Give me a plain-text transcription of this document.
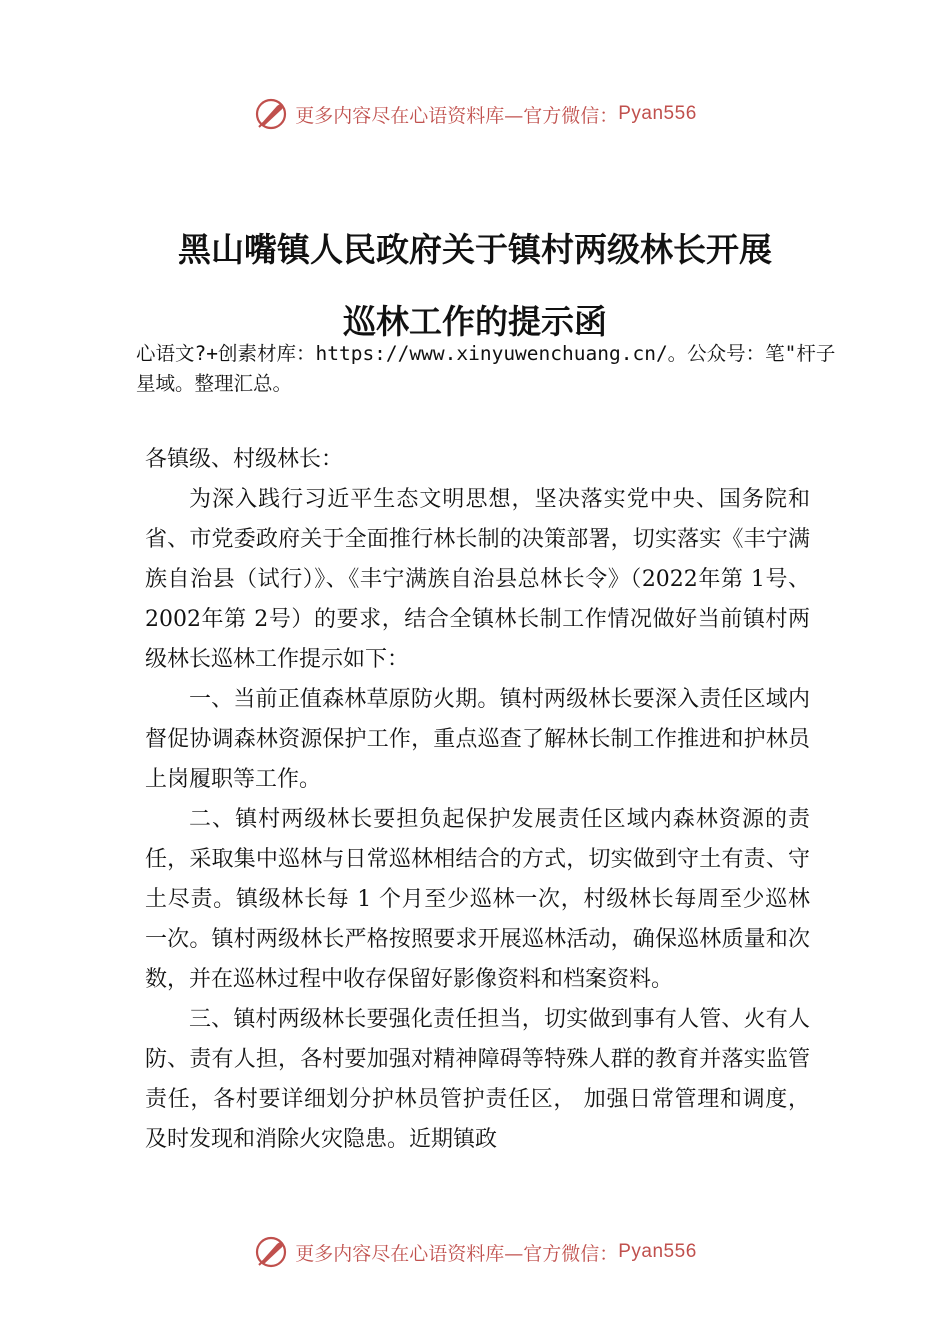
更多内容尽在心语资料库—官方微信： Pyan556
黑山嘴镇人民政府关于镇村两级林长开展
巡林工作的提示函
心语文?+创素材库：https://www.xinyuwenchuang.cn/。公众号：笔"杆子星域。整理汇总。

各镇级、村级林长：

为深入践行习近平生态文明思想，坚决落实党中央、国务院和省、市党委政府关于全面推行林长制的决策部署，切实落实《丰宁满族自治县（试行）》、《丰宁满族自治县总林长令》（2022年第 1号、2002年第 2号）的要求，结合全镇林长制工作情况做好当前镇村两级林长巡林工作提示如下：

一、当前正值森林草原防火期。镇村两级林长要深入责任区域内督促协调森林资源保护工作，重点巡查了解林长制工作推进和护林员上岗履职等工作。

二、镇村两级林长要担负起保护发展责任区域内森林资源的责任，采取集中巡林与日常巡林相结合的方式，切实做到守土有责、守土尽责。镇级林长每 1 个月至少巡林一次，村级林长每周至少巡林一次。镇村两级林长严格按照要求开展巡林活动，确保巡林质量和次数，并在巡林过程中收存保留好影像资料和档案资料。

三、镇村两级林长要强化责任担当，切实做到事有人管、火有人防、责有人担，各村要加强对精神障碍等特殊人群的教育并落实监管责任，各村要详细划分护林员管护责任区， 加强日常管理和调度，及时发现和消除火灾隐患。近期镇政

更多内容尽在心语资料库—官方微信： Pyan556
